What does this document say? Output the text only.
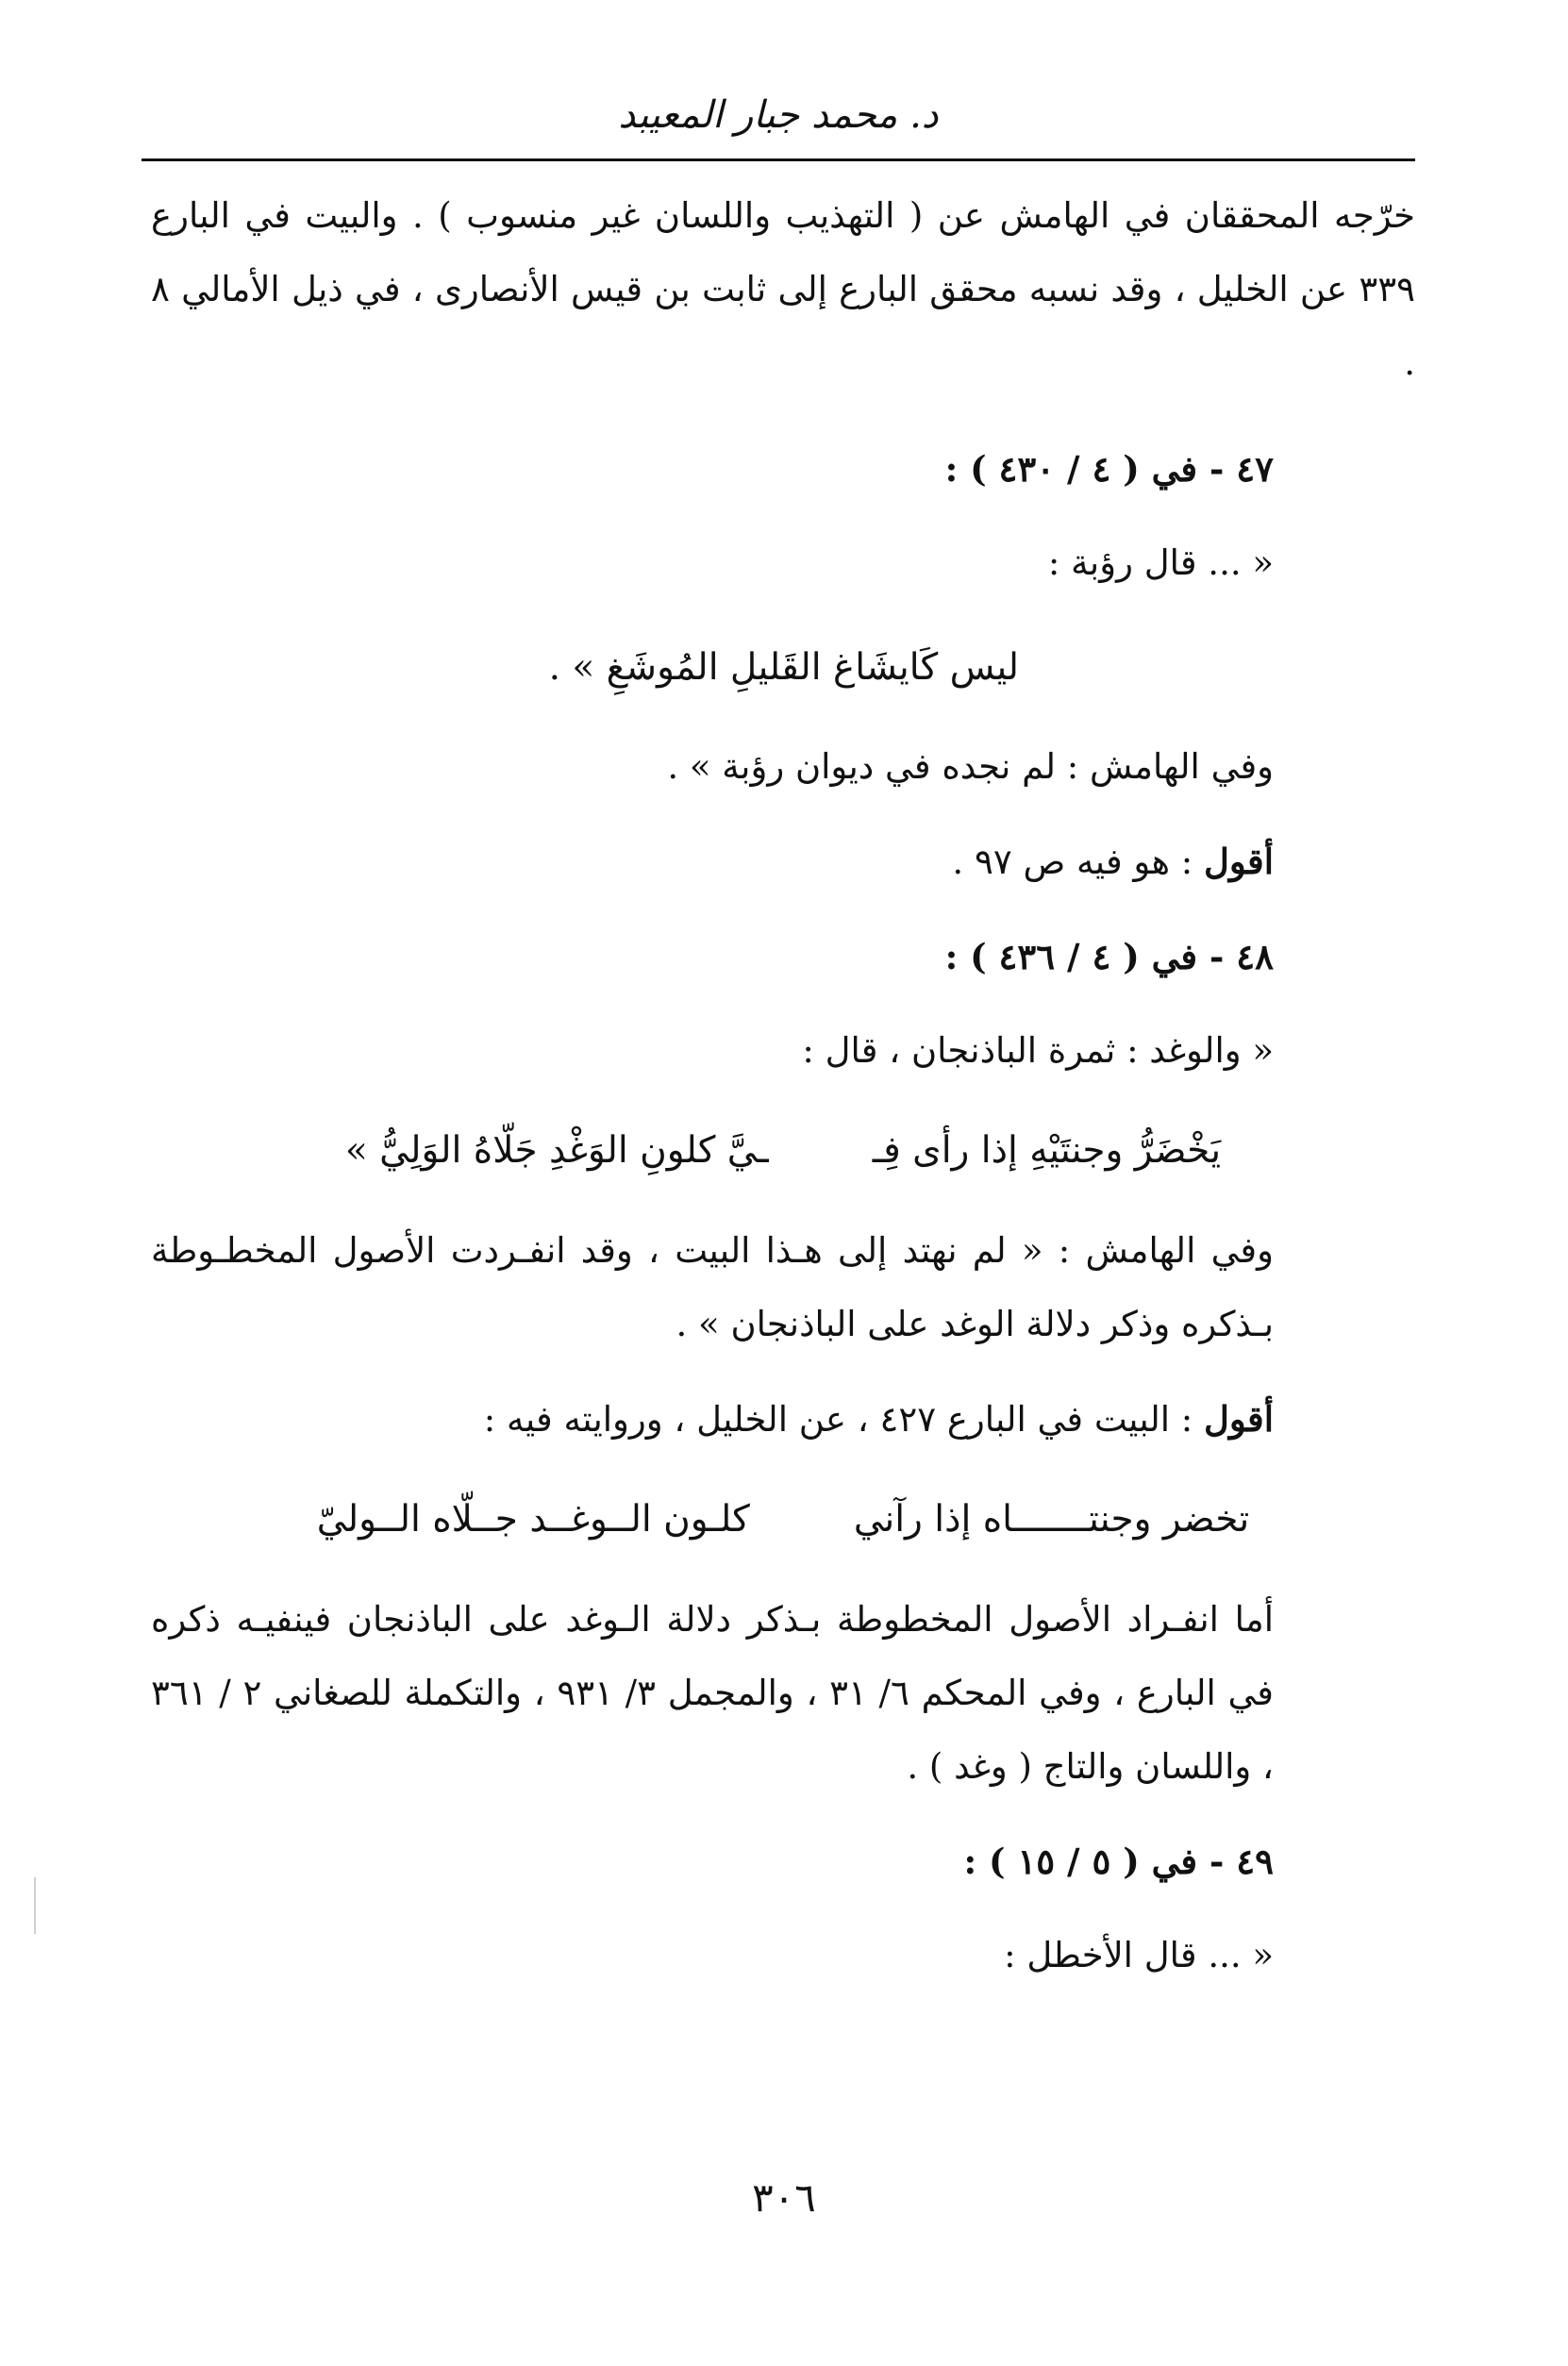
د. محمد جبار المعيبد

خرّجه المحققان في الهامش عن ( التهذيب واللسان غير منسوب ) . والبيت في البارع ٣٣٩ عن الخليل ، وقد نسبه محقق البارع إلى ثابت بن قيس الأنصارى ، في ذيل الأمالي ٨ .

٤٧ - في ( ٤ / ٤٣٠ ) :

« ... قال رؤبة :

ليس كَايشَاغ القَليلِ المُوشَغِ » .

وفي الهامش : لم نجده في ديوان رؤبة » .

أقول : هو فيه ص ٩٧ .

٤٨ - في ( ٤ / ٤٣٦ ) :

« والوغد : ثمرة الباذنجان ، قال :

يَخْضَرُّ وجنتَيْهِ إذا رأى فِـ
ـيَّ كلونِ الوَغْدِ جَلّاهُ الوَلِيُّ »

وفي الهامش : « لم نهتد إلى هـذا البيت ، وقد انفـردت الأصول المخطـوطة بـذكره وذكر دلالة الوغد على الباذنجان » .

أقول : البيت في البارع ٤٢٧ ، عن الخليل ، وروايته فيه :

تخضر وجنتـــــــاه إذا رآني
كلـون الــوغــد جــلّاه الــوليّ

أما انفـراد الأصول المخطوطة بـذكر دلالة الـوغد على الباذنجان فينفيـه ذكره في البارع ، وفي المحكم ٦/ ٣١ ، والمجمل ٣/ ٩٣١ ، والتكملة للصغاني ٢ / ٣٦١ ، واللسان والتاج ( وغد ) .

٤٩ - في ( ٥ / ١٥ ) :

« ... قال الأخطل :

٣٠٦
